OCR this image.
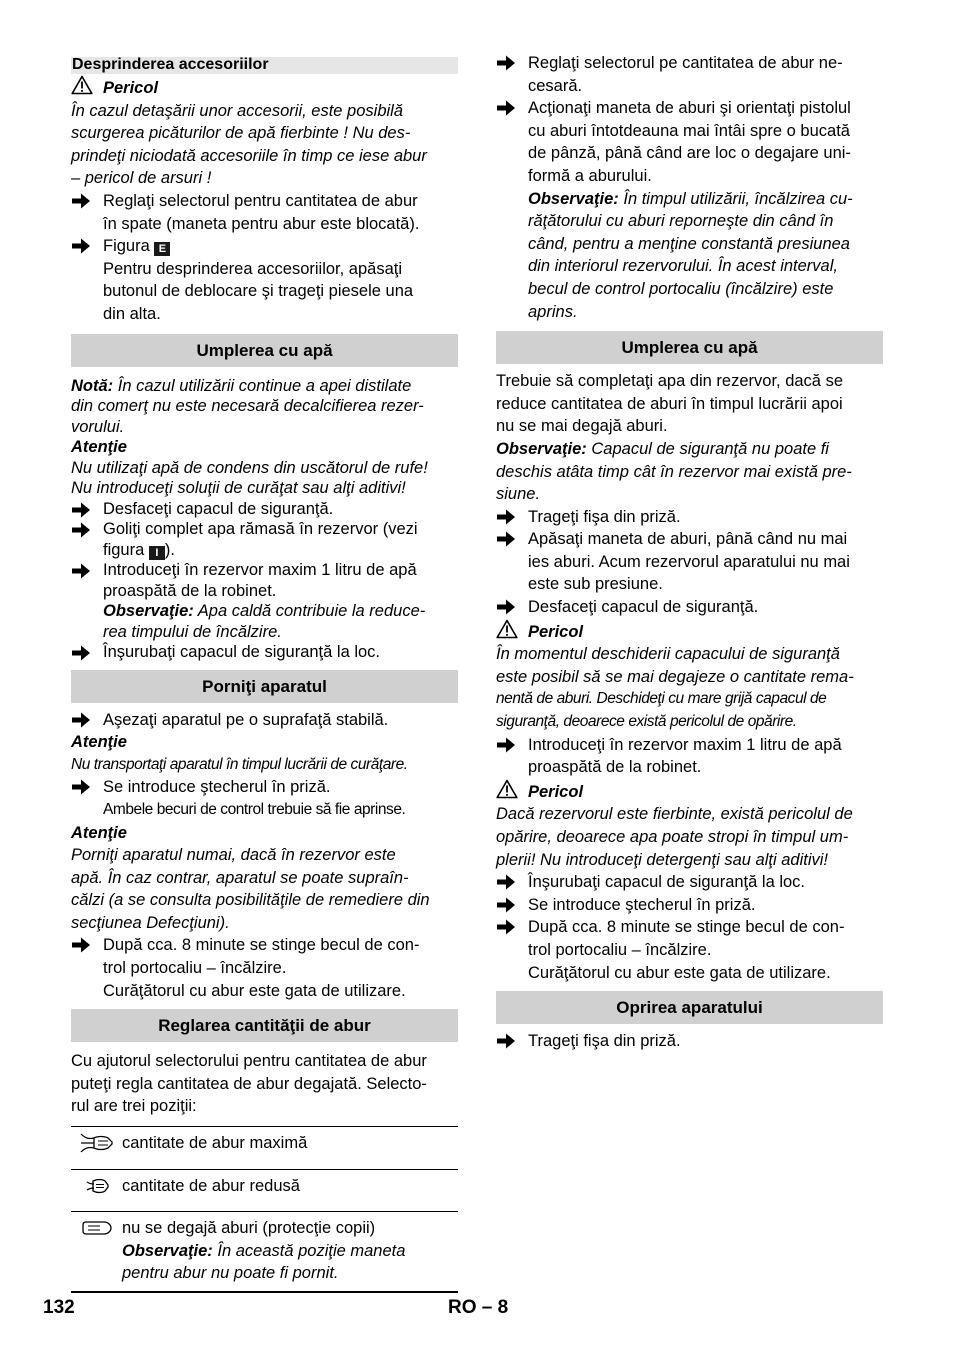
Desprinderea accesoriilor
Pericol

În cazul detaşării unor accesorii, este posibilă

scurgerea picăturilor de apă fierbinte ! Nu des-

prindeţi niciodată accesoriile în timp ce iese abur

– pericol de arsuri !

Reglaţi selectorul pentru cantitatea de abur

în spate (maneta pentru abur este blocată).

Figura E

Pentru desprinderea accesoriilor, apăsaţi

butonul de deblocare şi trageţi piesele una

din alta.

Umplerea cu apă

Notă: În cazul utilizării continue a apei distilate

din comerţ nu este necesară decalcifierea rezer-

vorului.

Atenţie

Nu utilizaţi apă de condens din uscătorul de rufe!

Nu introduceţi soluţii de curăţat sau alţi aditivi!

Desfaceţi capacul de siguranţă.

Goliţi complet apa rămasă în rezervor (vezi

figura I ).

Introduceţi în rezervor maxim 1 litru de apă

proaspătă de la robinet.

Observaţie: Apa caldă contribuie la reduce-

rea timpului de încălzire.

Înşurubaţi capacul de siguranţă la loc.

Porniţi aparatul

Aşezaţi aparatul pe o suprafaţă stabilă.

Atenţie

Nu transportaţi aparatul în timpul lucrării de curăţare.

Se introduce ştecherul în priză.

Ambele becuri de control trebuie să fie aprinse.

Atenţie

Porniţi aparatul numai, dacă în rezervor este

apă. În caz contrar, aparatul se poate supraîn-

călzi (a se consulta posibilităţile de remediere din

secţiunea Defecţiuni).

După cca. 8 minute se stinge becul de con-

trol portocaliu – încălzire.

Curăţătorul cu abur este gata de utilizare.

Reglarea cantităţii de abur

Cu ajutorul selectorului pentru cantitatea de abur

puteţi regla cantitatea de abur degajată. Selecto-

rul are trei poziţii:

	cantitate de abur maximă
	cantitate de abur redusă

nu se degajă aburi (protecţie copii)

Observaţie: În această poziţie maneta

pentru abur nu poate fi pornit.

Reglaţi selectorul pe cantitatea de abur ne-

cesară.

Acţionaţi maneta de aburi şi orientaţi pistolul

cu aburi întotdeauna mai întâi spre o bucată

de pânză, până când are loc o degajare uni-

formă a aburului.

Observaţie: În timpul utilizării, încălzirea cu-

răţătorului cu aburi reporneşte din când în

când, pentru a menţine constantă presiunea

din interiorul rezervorului. În acest interval,

becul de control portocaliu (încălzire) este

aprins.

Umplerea cu apă

Trebuie să completaţi apa din rezervor, dacă se

reduce cantitatea de aburi în timpul lucrării apoi

nu se mai degajă aburi.

Observaţie: Capacul de siguranţă nu poate fi

deschis atâta timp cât în rezervor mai există pre-

siune.

Trageţi fişa din priză.

Apăsaţi maneta de aburi, până când nu mai

ies aburi. Acum rezervorul aparatului nu mai

este sub presiune.

Desfaceţi capacul de siguranţă.

Pericol

În momentul deschiderii capacului de siguranţă

este posibil să se mai degajeze o cantitate rema-

nentă de aburi. Deschideţi cu mare grijă capacul de

siguranţă, deoarece există pericolul de opărire.

Introduceţi în rezervor maxim 1 litru de apă

proaspătă de la robinet.

Pericol

Dacă rezervorul este fierbinte, există pericolul de

opărire, deoarece apa poate stropi în timpul um-

plerii! Nu introduceţi detergenţi sau alţi aditivi!

Înşurubaţi capacul de siguranţă la loc.

Se introduce ştecherul în priză.

După cca. 8 minute se stinge becul de con-

trol portocaliu – încălzire.

Curăţătorul cu abur este gata de utilizare.

Oprirea aparatului

Trageţi fişa din priză.

132	RO – 8
